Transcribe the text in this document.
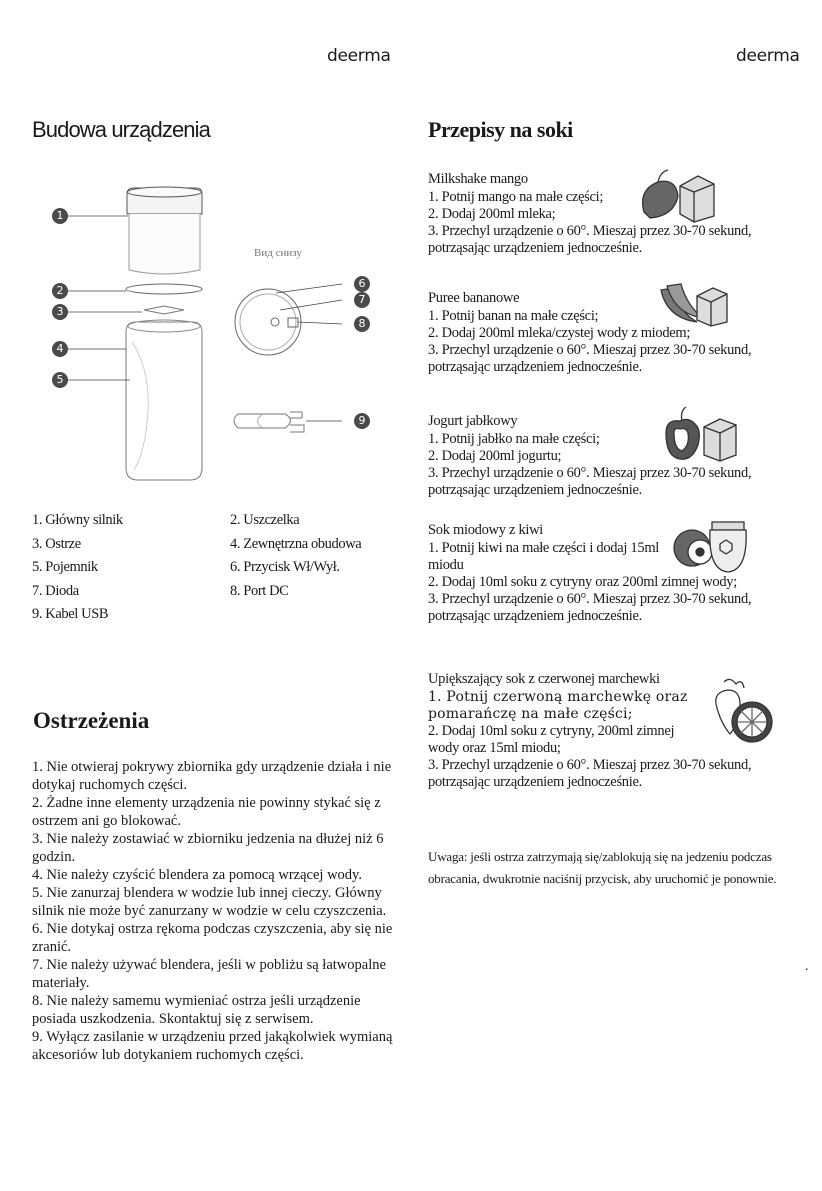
deerma	deerma
Budowa urządzenia
Вид снизу
1
2
3
4
5
6
7
8
9
1. Główny silnik	2. Uszczelka
3. Ostrze	4. Zewnętrzna obudowa
5. Pojemnik	6. Przycisk Wł/Wył.
7. Dioda	8. Port DC
9. Kabel USB
Ostrzeżenia

1. Nie otwieraj pokrywy zbiornika gdy urządzenie działa i nie dotykaj ruchomych części.

2. Żadne inne elementy urządzenia nie powinny stykać się z ostrzem ani go blokować.

3. Nie należy zostawiać w zbiorniku jedzenia na dłużej niż 6 godzin.

4. Nie należy czyścić blendera za pomocą wrzącej wody.

5. Nie zanurzaj blendera w wodzie lub innej cieczy. Główny silnik nie może być zanurzany w wodzie w celu czyszczenia.

6. Nie dotykaj ostrza rękoma podczas czyszczenia, aby się nie zranić.

7. Nie należy używać blendera, jeśli w pobliżu są łatwopalne materiały.

8. Nie należy samemu wymieniać ostrza jeśli urządzenie posiada uszkodzenia. Skontaktuj się z serwisem.

9. Wyłącz zasilanie w urządzeniu przed jakąkolwiek wymianą akcesoriów lub dotykaniem ruchomych części.

Przepisy na soki

Milkshake mango

1. Potnij mango na małe części;

2. Dodaj 200ml mleka;

3. Przechyl urządzenie o 60°. Mieszaj przez 30-70 sekund, potrząsając urządzeniem jednocześnie.

Puree bananowe

1. Potnij banan na małe części;

2. Dodaj 200ml mleka/czystej wody z miodem;

3. Przechyl urządzenie o 60°. Mieszaj przez 30-70 sekund, potrząsając urządzeniem jednocześnie.

Jogurt jabłkowy

1. Potnij jabłko na małe części;

2. Dodaj 200ml jogurtu;

3. Przechyl urządzenie o 60°. Mieszaj przez 30-70 sekund, potrząsając urządzeniem jednocześnie.

Sok miodowy z kiwi

1. Potnij kiwi na małe części i dodaj 15ml miodu

2. Dodaj 10ml soku z cytryny oraz 200ml zimnej wody;

3. Przechyl urządzenie o 60°. Mieszaj przez 30-70 sekund, potrząsając urządzeniem jednocześnie.

Upiększający sok z czerwonej marchewki

1. Potnij czerwoną marchewkę oraz pomarańczę na małe części;

2. Dodaj 10ml soku z cytryny, 200ml zimnej wody oraz 15ml miodu;

3. Przechyl urządzenie o 60°. Mieszaj przez 30-70 sekund, potrząsając urządzeniem jednocześnie.

Uwaga: jeśli ostrza zatrzymają się/zablokują się na jedzeniu podczas obracania, dwukrotnie naciśnij przycisk, aby uruchomić je ponownie.

.
